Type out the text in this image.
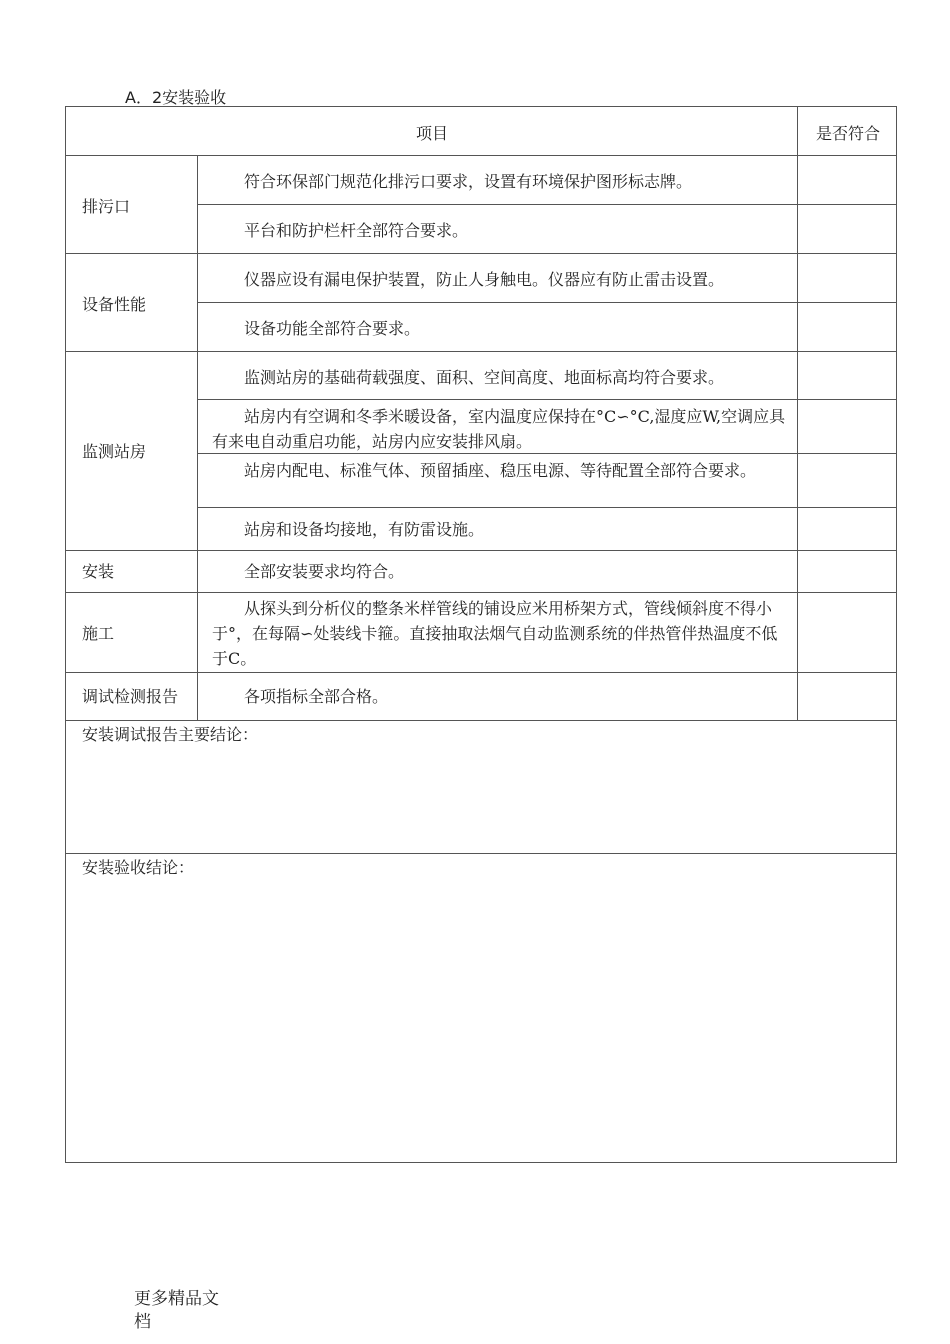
A．2安装验收
项目	是否符合
排污口
设备性能
监测站房
安装
施工
调试检测报告

符合环保部门规范化排污口要求，设置有环境保护图形标志牌。

平台和防护栏杆全部符合要求。

仪器应设有漏电保护装置，防止人身触电。仪器应有防止雷击设置。

设备功能全部符合要求。

监测站房的基础荷载强度、面积、空间高度、地面标高均符合要求。

站房内有空调和冬季米暖设备，室内温度应保持在°C∽°C,湿度应W,空调应具有来电自动重启功能，站房内应安装排风扇。

站房内配电、标准气体、预留插座、稳压电源、等待配置全部符合要求。

站房和设备均接地，有防雷设施。

全部安装要求均符合。

从探头到分析仪的整条米样管线的铺设应米用桥架方式，管线倾斜度不得小于°，在每隔∽处装线卡箍。直接抽取法烟气自动监测系统的伴热管伴热温度不低于C。

各项指标全部合格。

安装调试报告主要结论：
安装验收结论：
更多精品文档
